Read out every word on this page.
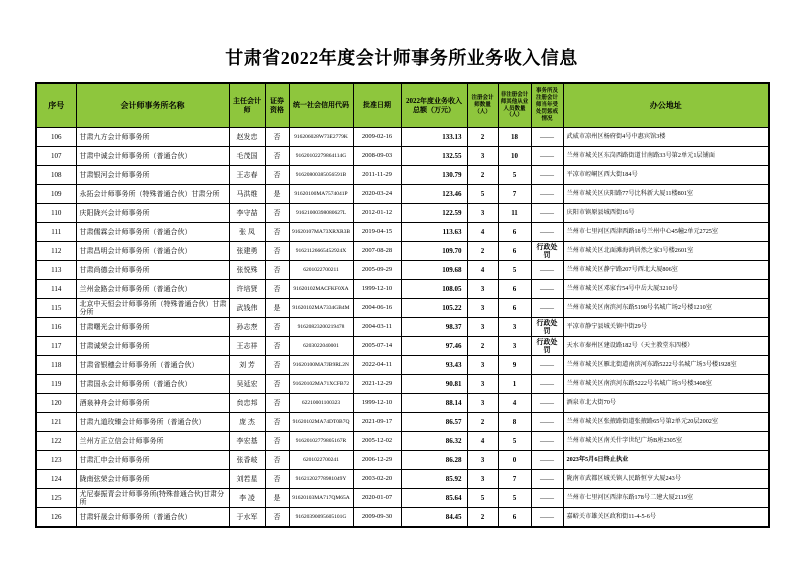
甘肃省2022年度会计师事务所业务收入信息
序号	会计师事务所名称	主任会计师	证券资格	统一社会信用代码	批准日期	2022年度业务收入总额（万元）	注册会计师数量（人）	非注册会计师其他从业人员数量（人）	事务所及注册会计师当年受处罚惩戒情况	办公地址
106	甘肃九方会计师事务所	赵发忠	否	916206028W73E2779K	2009-02-16	133.13	2	18	——	武威市凉州区杨府街4号中惠宾馆3楼
107	甘肃中诚会计师事务所（普通合伙）	毛茂国	否	91620102279864114G	2008-09-03	132.55	3	10	——	兰州市城关区东岗西路街道甘南路33号第2单元1层铺面
108	甘肃银河会计师事务所	王志春	否	91620800385056591B	2011-11-29	130.79	2	5	——	平凉市崆峒区西大街184号
109	永拓会计师事务所（特殊普通合伙）甘肃分所	马洪维	是	91620100MA7574041P	2020-03-24	123.46	5	7	——	兰州市城关区庆阳路77号比科新大厦11楼801室
110	庆阳陇兴会计师事务所	李守喆	否	91621000398080627L	2012-01-12	122.59	3	11	——	庆阳市镇原县城西街16号
111	甘肃儒霖会计师事务所（普通合伙）	张 凤	否	91620107MA73XRXR3B	2019-04-15	113.63	4	6	——	兰州市七里河区西津西路18号兰州中心45幢2单元2725室
112	甘肃昌明会计师事务所（普通合伙）	张建勇	否	91621126665452924X	2007-08-28	109.70	2	6	行政处罚	兰州市城关区北面滩海鸿居然之家3号楼2601室
113	甘肃尚德会计师事务所	张悦殊	否	6201022700211	2005-09-29	109.68	4	5	——	兰州市城关区静宁路207号西北大厦806室
114	兰州金路会计师事务所（普通合伙）	许培贤	否	91620102MACFKF0XA	1999-12-10	108.05	3	6	——	兰州市城关区邓家台54号中岳大厦3210号
115	北京中天恒会计师事务所（特殊普通合伙）甘肃分所	武钱伟	是	91620102MA7334GB4M	2004-06-16	105.22	3	6	——	兰州市城关区南滨河东路5198号名城广场2号楼1210室
116	甘肃曙光会计师事务所	孙志焘	否	91620823200219478	2004-03-11	98.37	3	3	行政处罚	平凉市静宁县城关镇中街29号
117	甘肃诚荣会计师事务所	王志祥	否	6203022040001	2005-07-14	97.46	2	3	行政处罚	天水市秦州区建设路182号（天主教堂东四楼）
118	甘肃省银穗会计师事务所（普通合伙）	刘 芳	否	91620100MA7JB9RL2N	2022-04-11	93.43	3	9	——	兰州市城关区雁北街道南滨河东路5222号名城广场3号楼1928室
119	甘肃国永会计师事务所（普通合伙）	吴延宏	否	91620102MA71XCFB72	2021-12-29	90.81	3	1	——	兰州市城关区南滨河东路5222号名城广场3号楼3408室
120	酒泉神舟会计师事务所	贠忠邦	否	62210001100323	1999-12-10	88.14	3	4	——	酒泉市北大街70号
121	甘肃九道玫臻会计师事务所（普通合伙）	庞 杰	否	91620102MA74DT0B7Q	2021-09-17	86.57	2	8	——	兰州市城关区张掖路街道张掖路65号第2单元20层2002室
122	兰州方正立信会计师事务所	李宏基	否	91620102779805167R	2005-12-02	86.32	4	5	——	兰州市城关区南关什字世纪广场B座2305室
123	甘肃汇申会计师事务所	张香岐	否	6201022700241	2006-12-29	86.28	3	0	——	2023年5月6日终止执业
124	陇南弦荣会计师事务所	刘若星	否	91621202778981049Y	2003-02-20	85.92	3	7	——	陇南市武都区城关镇人民路恒亨大厦243号
125	尤尼泰振青会计师事务所(特殊普通合伙)甘肃分所	李 凌	是	91620103MA717QM65A	2020-01-07	85.64	5	5	——	兰州市七里河区西津东路178号二建大厦2119室
126	甘肃轩晟会计师事务所（普通合伙）	于水军	否	91620390095605101G	2009-09-30	84.45	2	6	——	嘉峪关市雄关区政和街11-4-5-6号
